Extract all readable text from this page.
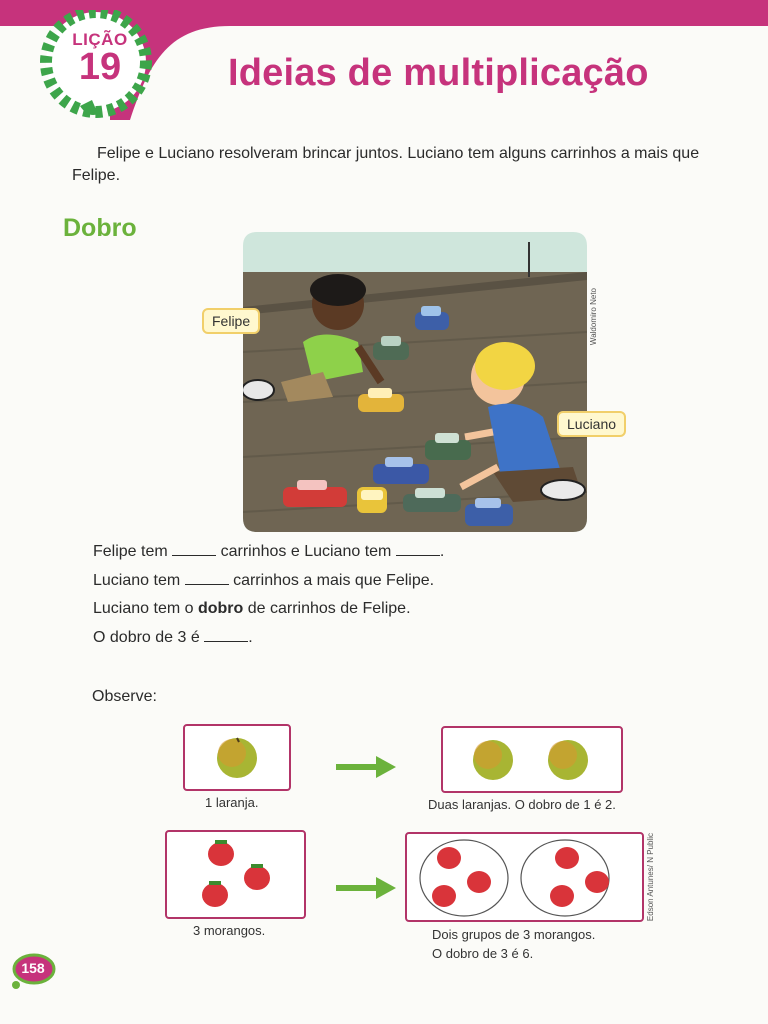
LIÇÃO
19	Ideias de multiplicação

Felipe e Luciano resolveram brincar juntos. Luciano tem alguns carrinhos a mais que Felipe.

Dobro
Waldomiro Neto
Felipe
Luciano
Felipe tem	carrinhos e Luciano tem	.
Luciano tem	carrinhos a mais que Felipe.
Luciano tem o dobro de carrinhos de Felipe.
O dobro de 3 é	.
Observe:
1 laranja.	Duas laranjas. O dobro de 1 é 2.
3 morangos.	Dois grupos de 3 morangos.
O dobro de 3 é 6.
Edson Antunes/ N Public
158
